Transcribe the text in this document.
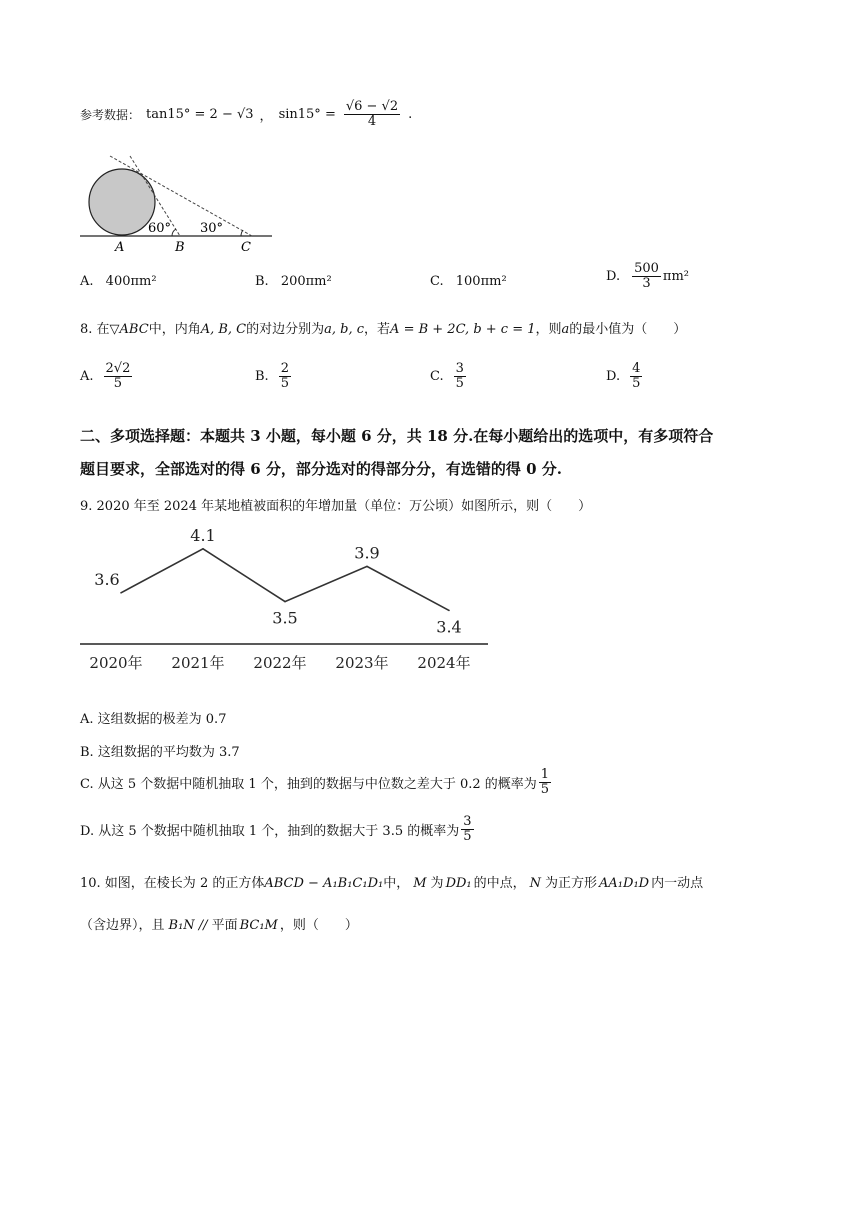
参考数据： tan15° = 2 − √3 ， $\sin 15^\circ = \frac{√6 - √2}{4}$ .
60° 30°
A	B	C
A. 400πm²	B. 200πm²	C. 100πm²	D. $\frac{500}{3} \pi m^2$
8. 在▽ABC中，内角A, B, C的对边分别为a, b, c，若A = B + 2C, b + c = 1，则a的最小值为（　　）
A. $\frac{2√2}{5}$	B. $\frac{2}{5}$	C. $\frac{3}{5}$	D. $\frac{4}{5}$
二、多项选择题：本题共 3 小题，每小题 6 分，共 18 分.在每小题给出的选项中，有多项符合
题目要求，全部选对的得 6 分，部分选对的得部分分，有选错的得 0 分.
9. 2020 年至 2024 年某地植被面积的年增加量（单位：万公顷）如图所示，则（　　）
3.6
2020年
4.1
2021年
3.5
2022年
3.9
2023年
3.4
2024年
A. 这组数据的极差为 0.7
B. 这组数据的平均数为 3.7
C. 从这 5 个数据中随机抽取 1 个，抽到的数据与中位数之差大于 0.2 的概率为 $\frac{1}{5}$
D. 从这 5 个数据中随机抽取 1 个，抽到的数据大于 3.5 的概率为 $\frac{3}{5}$
10. 如图，在棱长为 2 的正方体ABCD − A₁B₁C₁D₁中， M 为 DD₁ 的中点， N 为正方形 AA₁D₁D 内一动点
（含边界），且 B₁N // 平面 BC₁M ，则（　　）
